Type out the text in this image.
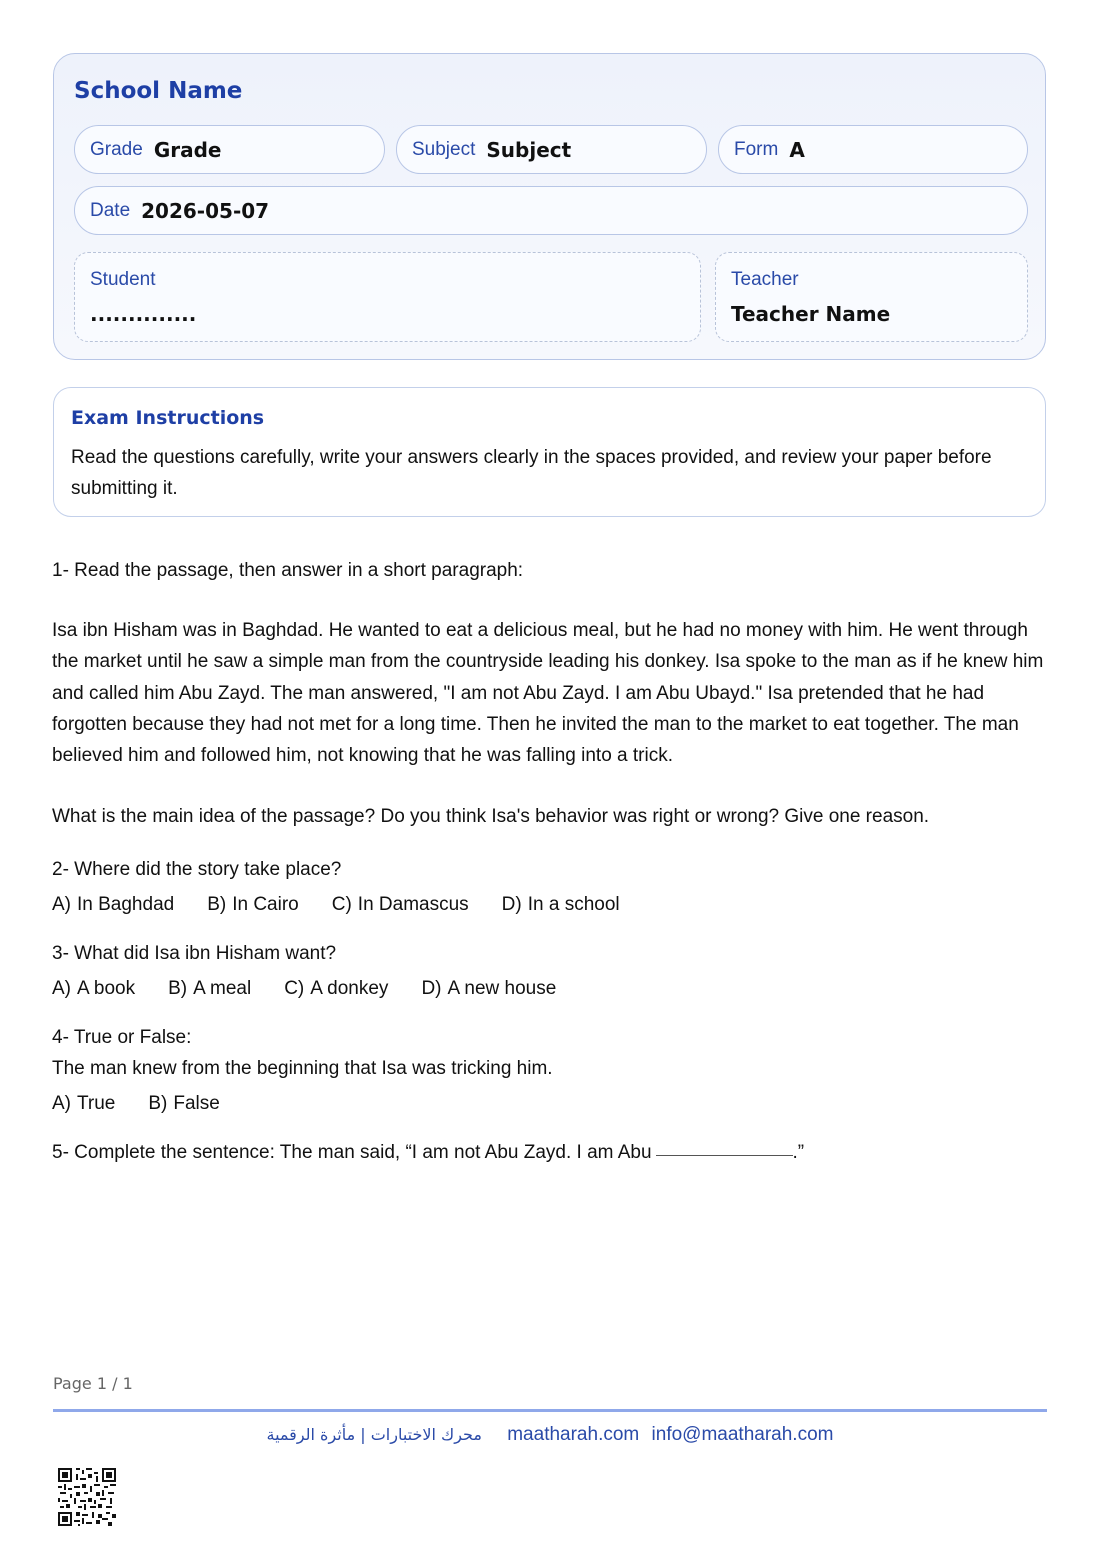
School Name
Grade Grade	Subject Subject	Form A
Date 2026-05-07
Student
..............
Teacher
Teacher Name
Exam Instructions

Read the questions carefully, write your answers clearly in the spaces provided, and review your paper before submitting it.

1- Read the passage, then answer in a short paragraph:

Isa ibn Hisham was in Baghdad. He wanted to eat a delicious meal, but he had no money with him. He went through the market until he saw a simple man from the countryside leading his donkey. Isa spoke to the man as if he knew him and called him Abu Zayd. The man answered, "I am not Abu Zayd. I am Abu Ubayd." Isa pretended that he had forgotten because they had not met for a long time. Then he invited the man to the market to eat together. The man believed him and followed him, not knowing that he was falling into a trick.

What is the main idea of the passage? Do you think Isa's behavior was right or wrong? Give one reason.

2- Where did the story take place?

A) In Baghdad B) In Cairo C) In Damascus D) In a school

3- What did Isa ibn Hisham want?

A) A book B) A meal C) A donkey D) A new house

4- True or False:

The man knew from the beginning that Isa was tricking him.

A) True B) False

5- Complete the sentence: The man said, “I am not Abu Zayd. I am Abu	.”

Page 1 / 1
محرك الاختبارات | مأثرة الرقمية maatharah.com info@maatharah.com
